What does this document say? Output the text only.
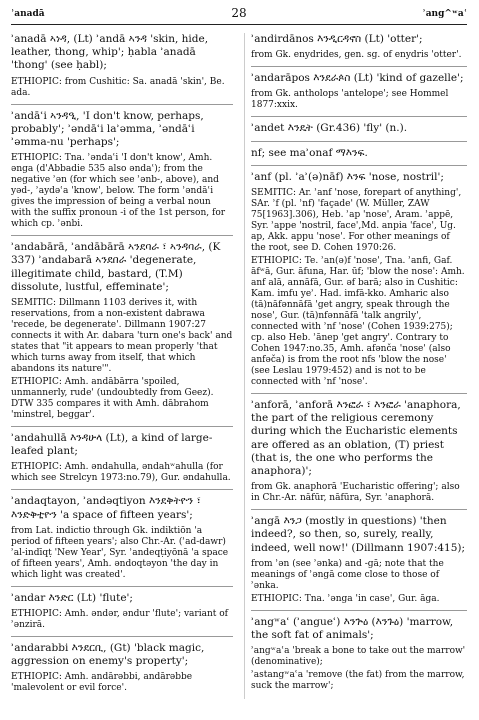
ʾanadā	28	ʾang^ʷaʿ

ʾanadā ኣነዳ, (Lt) ʾandā ኣንዳ 'skin, hide, leather, thong, whip'; ḥabla ʾanadā 'thong' (see ḥabl);

ETHIOPIC: from Cushitic: Sa. anadā 'skin', Be. ada.

ʾandāʿi ኣንዳዒ, 'I don't know, perhaps, probably'; ʾəndāʿi laʾəmma, ʾəndāʿi ʾəmma-nu 'perhaps';

ETHIOPIC: Tna. ʾəndaʿi 'I don't know', Amh. ənga (d'Abbadie 535 also əndaʿ); from the negative ʾən (for which see ʾənb-, above), and yəd-, ʾaydəʿa 'know', below. The form ʾəndāʿi gives the impression of being a verbal noun with the suffix pronoun -i of the 1st person, for which cp. ʾənbi.

ʾandabārā, ʾandābārā ኣንደባራ ፣ ኣንዳባራ, (K 337) ʾandabarā ኣንደበራ 'degenerate, illegitimate child, bastard, (T.M) dissolute, lustful, effeminate';

SEMITIC: Dillmann 1103 derives it, with reservations, from a non-existent dabrawa 'recede, be degenerate'. Dillmann 1907:27 connects it with Ar. dabara 'turn one's back' and states that "it appears to mean properly 'that which turns away from itself, that which abandons its nature'".

ETHIOPIC: Amh. andābārra 'spoiled, unmannerly, rude' (undoubtedly from Geez). DTW 335 compares it with Amh. dābrahom 'minstrel, beggar'.

ʾandahullā እንዳሁላ (Lt), a kind of large-leafed plant;

ETHIOPIC: Amh. əndahulla, əndahʷahulla (for which see Strelcyn 1973:no.79), Gur. əndahulla.

ʾandaqtayon, ʾandəqtiyon እንደቅትዮን ፣ እንድቅቲዮን 'a space of fifteen years';

from Lat. indictio through Gk. indiktiōn 'a period of fifteen years'; also Chr.-Ar. (ʾad-dawr) ʾal-indīqṭ 'New Year', Syr. ʾandeqṭiyōnā 'a space of fifteen years', Amh. əndoqtəyon 'the day in which light was created'.

ʾandar እንድር (Lt) 'flute';

ETHIOPIC: Amh. əndər, əndur 'flute'; variant of ʾənzirā.

ʾandarabbi እንደርቢ, (Gt) 'black magic, aggression on enemy's property';

ETHIOPIC: Amh. andārəbbi, andārəbbe 'malevolent or evil force'.

ʾandirdānos እንዲርዳኖስ (Lt) 'otter';

from Gk. enydrides, gen. sg. of enydris 'otter'.

ʾandarāpos እንደራጶስ (Lt) 'kind of gazelle';

from Gk. antholops 'antelope'; see Hommel 1877:xxix.

ʾandet እንዴት (Gr.436) 'fly' (n.).

nf; see maʾonaf ማእንፍ.

ʾanf (pl. ʾaʾ(ə)nāf) እንፍ 'nose, nostril';

SEMITIC: Ar. ʾanf 'nose, forepart of anything', SAr. ʾf (pl. ʾnf) 'façade' (W. Müller, ZAW 75[1963].306), Heb. ʾap 'nose', Aram. ʾappē, Syr. ʾappe 'nostril, face',Md. anpia 'face', Ug. ap, Akk. appu 'nose'. For other meanings of the root, see D. Cohen 1970:26.

ETHIOPIC: Te. ʾan(ə)f 'nose', Tna. ʾanfi, Gaf. āfʷā, Gur. āfuna, Har. ūf; 'blow the nose': Amh. anf alā, annāfā, Gur. əf barā; also in Cushitic: Kam. imfu yeʾ. Had. imfā-kko. Amharic also (tā)nāfənnāfā 'get angry, speak through the nose', Gur. (tā)nfənnāfā 'talk angrily', connected with ʾnf 'nose' (Cohen 1939:275); cp. also Heb. ʾānep 'get angry'. Contrary to Cohen 1947:no.35, Amh. afənča 'nose' (also anfəča) is from the root nfs 'blow the nose' (see Leslau 1979:452) and is not to be connected with ʾnf 'nose'.

ʾanforā, ʾanforā እንፎራ ፣ እንፎራ 'anaphora, the part of the religious ceremony during which the Eucharistic elements are offered as an oblation, (T) priest (that is, the one who performs the anaphora)';

from Gk. anaphorā 'Eucharistic offering'; also in Chr.-Ar. nāfūr, nāfūra, Syr. ʾanaphorā.

ʾangā እንጋ (mostly in questions) 'then indeed?, so then, so, surely, really, indeed, well now!' (Dillmann 1907:415);

from ʾən (see ʾənka) and -gā; note that the meanings of ʾəngā come close to those of ʾənka.

ETHIOPIC: Tna. ʾənga 'in case', Gur. āga.

ʾangʷaʿ (ʾangueʿ) እንጕዕ (እንጉዕ) 'marrow, the soft fat of animals';

ʾangʷaʿa 'break a bone to take out the marrow' (denominative);

ʾastangʷaʿa 'remove (the fat) from the marrow, suck the marrow';
